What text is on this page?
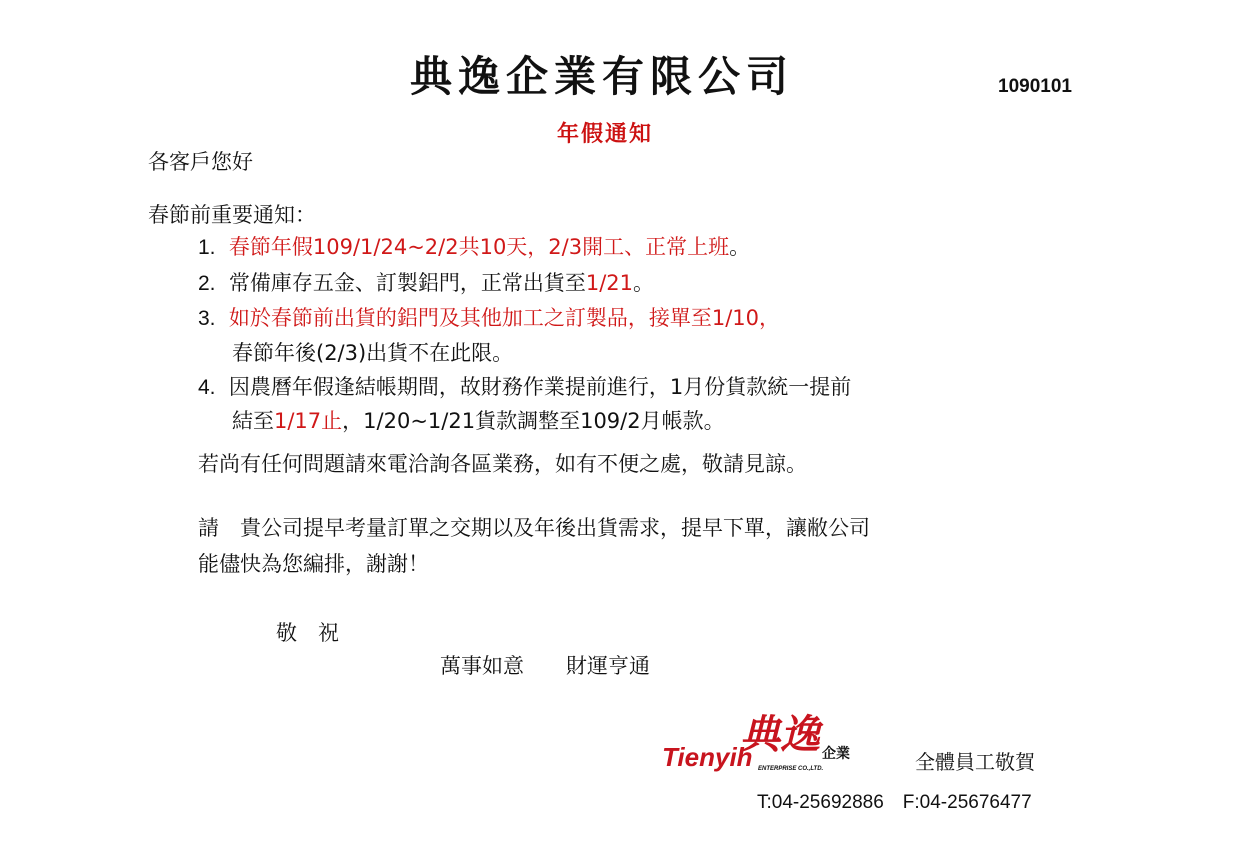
典逸企業有限公司	1090101
年假通知
各客戶您好
春節前重要通知：
1. 春節年假109/1/24~2/2共10天，2/3開工、正常上班。
2. 常備庫存五金、訂製鋁門，正常出貨至1/21。
3. 如於春節前出貨的鋁門及其他加工之訂製品，接單至1/10，
春節年後(2/3)出貨不在此限。
4. 因農曆年假逢結帳期間，故財務作業提前進行，1月份貨款統一提前
結至1/17止，1/20~1/21貨款調整至109/2月帳款。
若尚有任何問題請來電洽詢各區業務，如有不便之處，敬請見諒。
請　貴公司提早考量訂單之交期以及年後出貨需求，提早下單，讓敝公司
能儘快為您編排，謝謝！
敬　祝
萬事如意　　財運亨通
典逸
Tienyih	企業
ENTERPRISE CO.,LTD.	全體員工敬賀
T:04-25692886　F:04-25676477
